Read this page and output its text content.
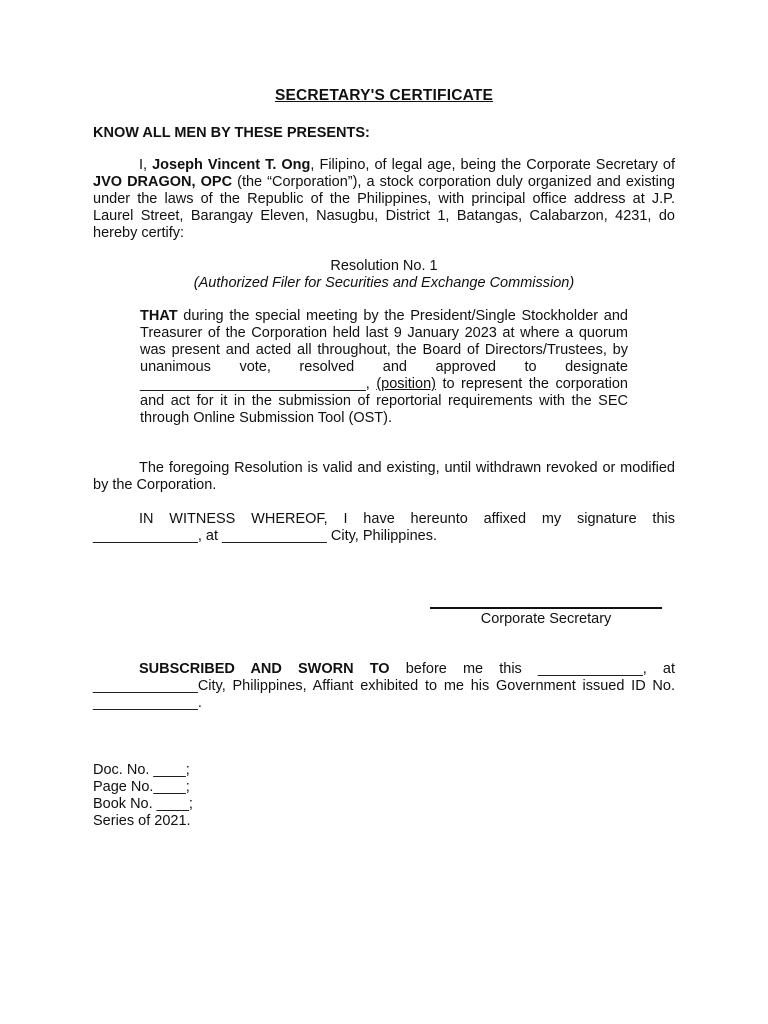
SECRETARY'S CERTIFICATE
KNOW ALL MEN BY THESE PRESENTS:
I, Joseph Vincent T. Ong, Filipino, of legal age, being the Corporate Secretary of JVO DRAGON, OPC (the “Corporation”), a stock corporation duly organized and existing under the laws of the Republic of the Philippines, with principal office address at J.P. Laurel Street, Barangay Eleven, Nasugbu, District 1, Batangas, Calabarzon, 4231, do hereby certify:
Resolution No. 1
(Authorized Filer for Securities and Exchange Commission)
THAT during the special meeting by the President/Single Stockholder and Treasurer of the Corporation held last 9 January 2023 at where a quorum was present and acted all throughout, the Board of Directors/Trustees, by unanimous vote, resolved and approved to designate ____________________________, (position) to represent the corporation and act for it in the submission of reportorial requirements with the SEC through Online Submission Tool (OST).
The foregoing Resolution is valid and existing, until withdrawn revoked or modified by the Corporation.
IN WITNESS WHEREOF, I have hereunto affixed my signature this _____________, at _____________ City, Philippines.
Corporate Secretary
SUBSCRIBED AND SWORN TO before me this _____________, at _____________City, Philippines, Affiant exhibited to me his Government issued ID No. _____________.
Doc. No. ____;
Page No.____;
Book No. ____;
Series of 2021.
